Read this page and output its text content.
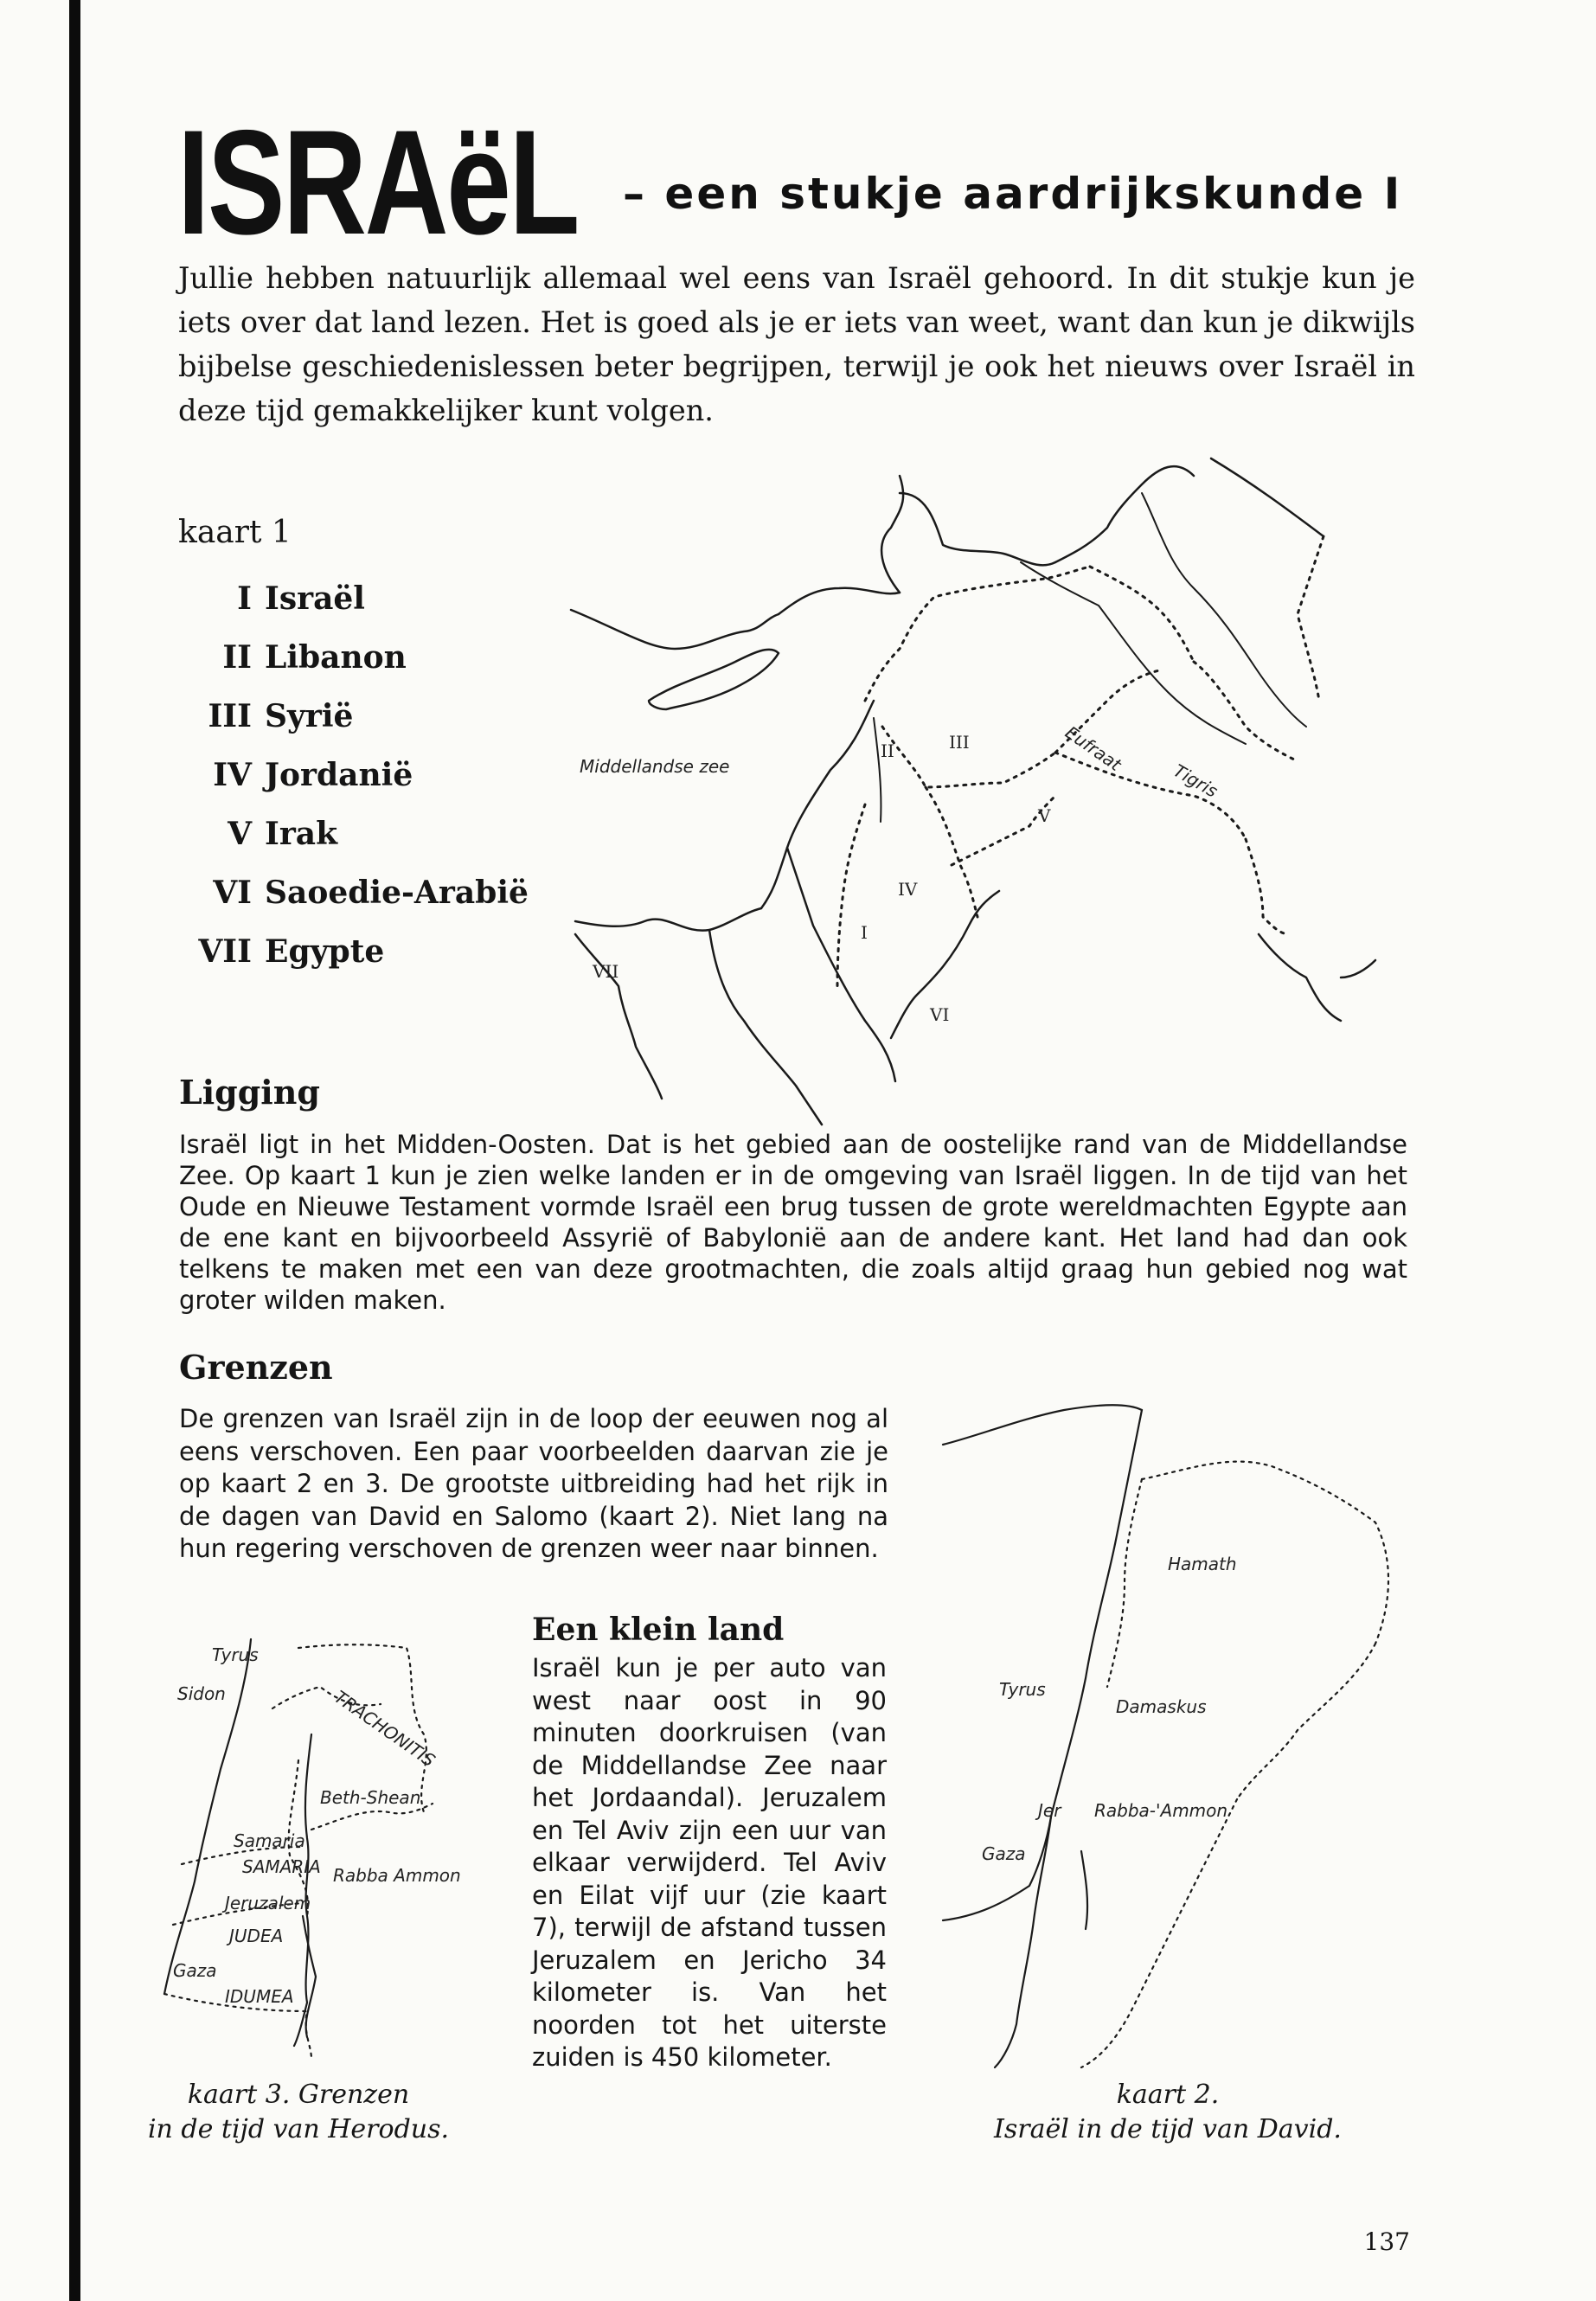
ISRAëL – een stukje aardrijkskunde I
Jullie hebben natuurlijk allemaal wel eens van Israël gehoord. In dit stukje kun je iets over dat land lezen. Het is goed als je er iets van weet, want dan kun je dikwijls bijbelse geschiedenislessen beter begrijpen, terwijl je ook het nieuws over Israël in deze tijd gemakkelijker kunt volgen.
kaart 1
I Israël
II Libanon
III Syrië
IV Jordanië
V Irak
VI Saoedie-Arabië
VII Egypte
Middellandse zee
II	III
V
IV
I
VII
VI
Eufraat
Tigris
Ligging
Israël ligt in het Midden-Oosten. Dat is het gebied aan de oostelijke rand van de Middellandse Zee. Op kaart 1 kun je zien welke landen er in de omgeving van Israël liggen. In de tijd van het Oude en Nieuwe Testament vormde Israël een brug tussen de grote wereldmachten Egypte aan de ene kant en bijvoorbeeld Assyrië of Babylonië aan de andere kant. Het land had dan ook telkens te maken met een van deze grootmachten, die zoals altijd graag hun gebied nog wat groter wilden maken.
Grenzen
De grenzen van Israël zijn in de loop der eeuwen nog al eens verschoven. Een paar voorbeelden daarvan zie je op kaart 2 en 3. De grootste uitbreiding had het rijk in de dagen van David en Salomo (kaart 2). Niet lang na hun regering verschoven de grenzen weer naar binnen.
Een klein land
Israël kun je per auto van west naar oost in 90 minuten doorkruisen (van de Middellandse Zee naar het Jordaandal). Jeruzalem en Tel Aviv zijn een uur van elkaar verwijderd. Tel Aviv en Eilat vijf uur (zie kaart 7), terwijl de afstand tussen Jeruzalem en Jericho 34 kilometer is. Van het noorden tot het uiterste zuiden is 450 kilometer.
Tyrus
Sidon	TRACHONITIS
Beth-Shean
Samaria
SAMARIA Rabba Ammon
Jeruzalem
JUDEA
Gaza
IDUMEA
kaart 3. Grenzen
in de tijd van Herodus.
Hamath
Tyrus
Damaskus
Jer Rabba-'Ammon
Gaza
kaart 2.
Israël in de tijd van David.
137
